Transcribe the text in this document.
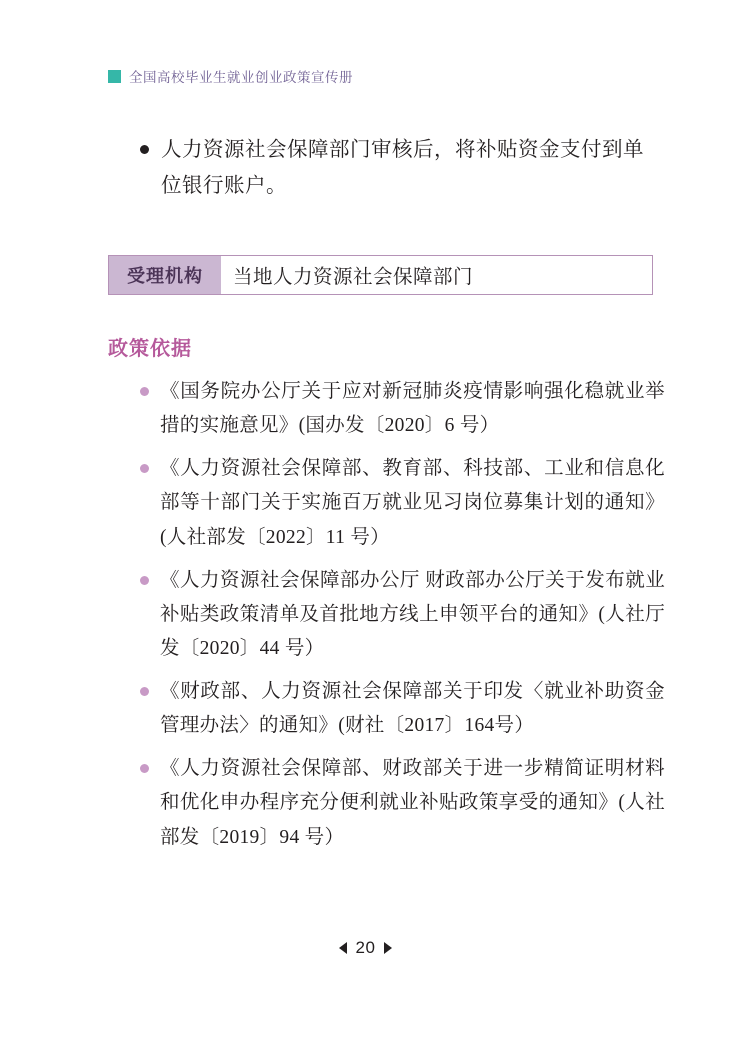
全国高校毕业生就业创业政策宣传册
人力资源社会保障部门审核后，将补贴资金支付到单位银行账户。
受理机构	当地人力资源社会保障部门
政策依据
《国务院办公厅关于应对新冠肺炎疫情影响强化稳就业举措的实施意见》(国办发〔2020〕6 号）
《人力资源社会保障部、教育部、科技部、工业和信息化部等十部门关于实施百万就业见习岗位募集计划的通知》(人社部发〔2022〕11 号）
《人力资源社会保障部办公厅 财政部办公厅关于发布就业补贴类政策清单及首批地方线上申领平台的通知》(人社厅发〔2020〕44 号）
《财政部、人力资源社会保障部关于印发〈就业补助资金管理办法〉的通知》(财社〔2017〕164号）
《人力资源社会保障部、财政部关于进一步精简证明材料和优化申办程序充分便利就业补贴政策享受的通知》(人社部发〔2019〕94 号）
20
